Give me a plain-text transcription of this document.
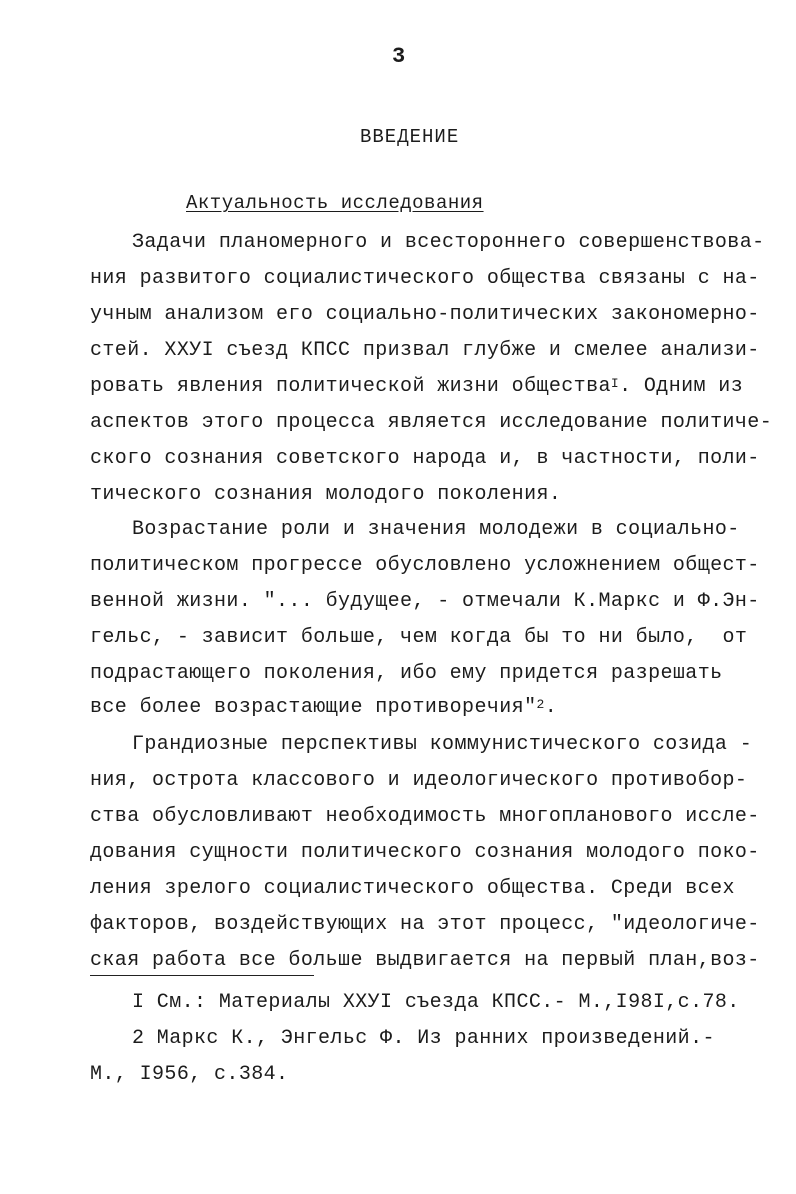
3
ВВЕДЕНИЕ
Актуальность исследования
Задачи планомерного и всестороннего совершенствова-
ния развитого социалистического общества связаны с на-
учным анализом его социально-политических закономерно-
стей. ХХУI съезд КПСС призвал глубже и смелее анализи-
ровать явления политической жизни общества$^I$. Одним из
аспектов этого процесса является исследование политиче-
ского сознания советского народа и, в частности, поли-
тического сознания молодого поколения.
Возрастание роли и значения молодежи в социально-
политическом прогрессе обусловлено усложнением общест-
венной жизни. "... будущее, - отмечали К.Маркс и Ф.Эн-
гельс, - зависит больше, чем когда бы то ни было,  от
подрастающего поколения, ибо ему придется разрешать
все более возрастающие противоречия"$^2$.
Грандиозные перспективы коммунистического созида -
ния, острота классового и идеологического противобор-
ства обусловливают необходимость многопланового иссле-
дования сущности политического сознания молодого поко-
ления зрелого социалистического общества. Среди всех
факторов, воздействующих на этот процесс, "идеологиче-
ская работа все больше выдвигается на первый план,воз-
I См.: Материалы ХХУI съезда КПСС.- М.,I98I,с.78.
2 Маркс К., Энгельс Ф. Из ранних произведений.-
М., I956, с.384.
